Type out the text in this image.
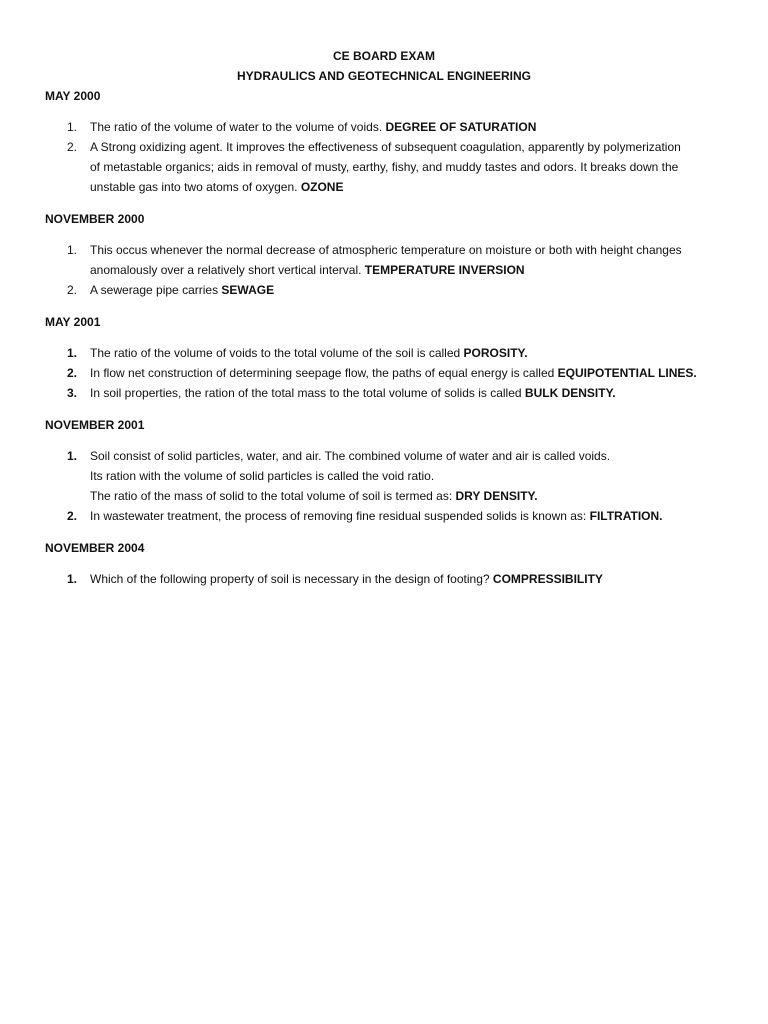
CE BOARD EXAM
HYDRAULICS AND GEOTECHNICAL ENGINEERING
MAY 2000
1.	The ratio of the volume of water to the volume of voids. DEGREE OF SATURATION
2.	A Strong oxidizing agent. It improves the effectiveness of subsequent coagulation, apparently by polymerization
of metastable organics; aids in removal of musty, earthy, fishy, and muddy tastes and odors. It breaks down the
unstable gas into two atoms of oxygen. OZONE
NOVEMBER 2000
1.	This occus whenever the normal decrease of atmospheric temperature on moisture or both with height changes
anomalously over a relatively short vertical interval. TEMPERATURE INVERSION
2.	A sewerage pipe carries SEWAGE
MAY 2001
1.	The ratio of the volume of voids to the total volume of the soil is called POROSITY.
2.	In flow net construction of determining seepage flow, the paths of equal energy is called EQUIPOTENTIAL LINES.
3.	In soil properties, the ration of the total mass to the total volume of solids is called BULK DENSITY.
NOVEMBER 2001
1.	Soil consist of solid particles, water, and air. The combined volume of water and air is called voids.
Its ration with the volume of solid particles is called the void ratio.
The ratio of the mass of solid to the total volume of soil is termed as: DRY DENSITY.
2.	In wastewater treatment, the process of removing fine residual suspended solids is known as: FILTRATION.
NOVEMBER 2004
1.	Which of the following property of soil is necessary in the design of footing? COMPRESSIBILITY
